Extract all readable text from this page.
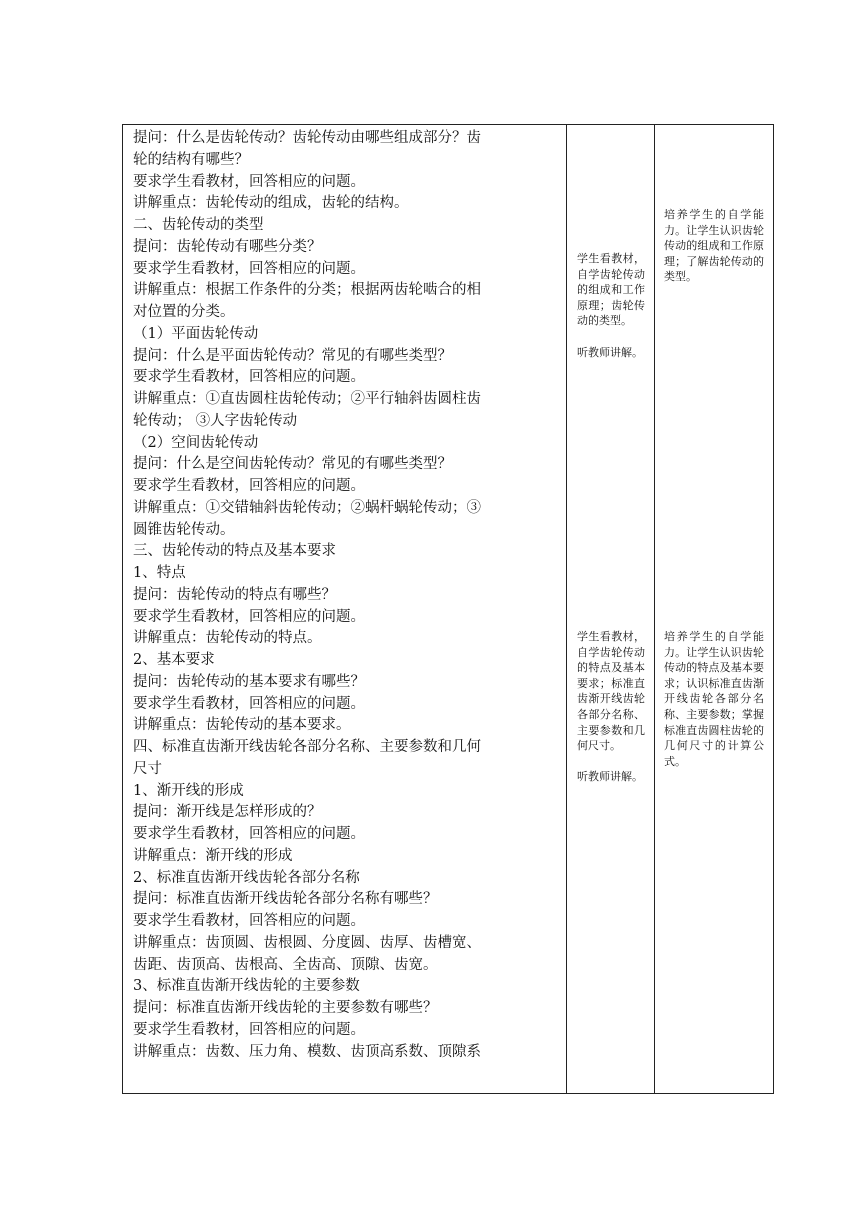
提问：什么是齿轮传动？齿轮传动由哪些组成部分？齿
轮的结构有哪些？
要求学生看教材，回答相应的问题。
讲解重点：齿轮传动的组成，齿轮的结构。
二、齿轮传动的类型
提问：齿轮传动有哪些分类？
要求学生看教材，回答相应的问题。
讲解重点：根据工作条件的分类；根据两齿轮啮合的相
对位置的分类。
（1）平面齿轮传动
提问：什么是平面齿轮传动？常见的有哪些类型？
要求学生看教材，回答相应的问题。
讲解重点：①直齿圆柱齿轮传动；②平行轴斜齿圆柱齿
轮传动； ③人字齿轮传动
（2）空间齿轮传动
提问：什么是空间齿轮传动？常见的有哪些类型？
要求学生看教材，回答相应的问题。
讲解重点：①交错轴斜齿轮传动；②蜗杆蜗轮传动；③
圆锥齿轮传动。
三、齿轮传动的特点及基本要求
1、特点
提问：齿轮传动的特点有哪些？
要求学生看教材，回答相应的问题。
讲解重点：齿轮传动的特点。
2、基本要求
提问：齿轮传动的基本要求有哪些？
要求学生看教材，回答相应的问题。
讲解重点：齿轮传动的基本要求。
四、标准直齿渐开线齿轮各部分名称、主要参数和几何
尺寸
1、渐开线的形成
提问：渐开线是怎样形成的？
要求学生看教材，回答相应的问题。
讲解重点：渐开线的形成
2、标准直齿渐开线齿轮各部分名称
提问：标准直齿渐开线齿轮各部分名称有哪些？
要求学生看教材，回答相应的问题。
讲解重点：齿顶圆、齿根圆、分度圆、齿厚、齿槽宽、
齿距、齿顶高、齿根高、全齿高、顶隙、齿宽。
3、标准直齿渐开线齿轮的主要参数
提问：标准直齿渐开线齿轮的主要参数有哪些？
要求学生看教材，回答相应的问题。
讲解重点：齿数、压力角、模数、齿顶高系数、顶隙系

学生看教材，自学齿轮传动的组成和工作原理；齿轮传动的类型。

听教师讲解。

学生看教材，自学齿轮传动的特点及基本要求；标准直齿渐开线齿轮各部分名称、主要参数和几何尺寸。

听教师讲解。

培养学生的自学能力。让学生认识齿轮传动的组成和工作原理；了解齿轮传动的类型。

培养学生的自学能力。让学生认识齿轮传动的特点及基本要求；认识标准直齿渐开线齿轮各部分名称、主要参数；掌握标准直齿圆柱齿轮的几何尺寸的计算公式。
